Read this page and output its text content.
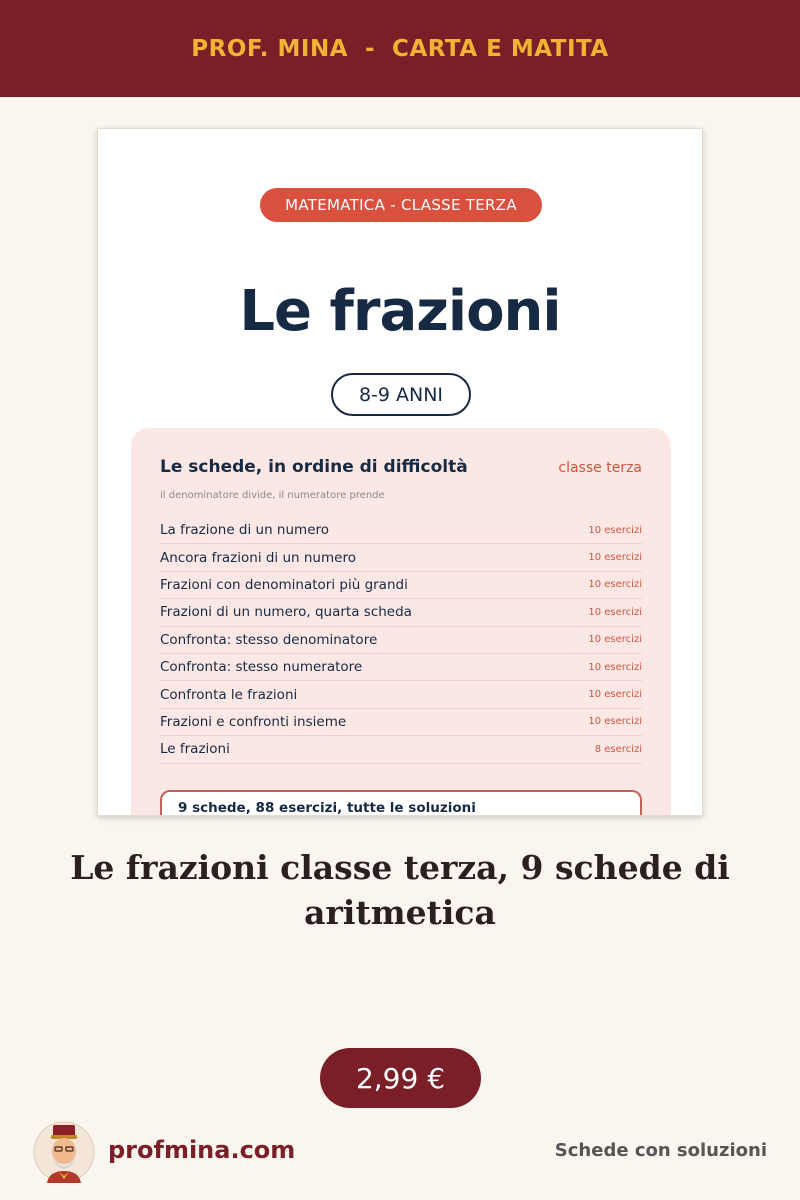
PROF. MINA  -  CARTA E MATITA
MATEMATICA - CLASSE TERZA
Le frazioni
8-9 ANNI
Le schede, in ordine di difficoltà	classe terza
il denominatore divide, il numeratore prende
La frazione di un numero	10 esercizi
Ancora frazioni di un numero	10 esercizi
Frazioni con denominatori più grandi	10 esercizi
Frazioni di un numero, quarta scheda	10 esercizi
Confronta: stesso denominatore	10 esercizi
Confronta: stesso numeratore	10 esercizi
Confronta le frazioni	10 esercizi
Frazioni e confronti insieme	10 esercizi
Le frazioni	8 esercizi
9 schede, 88 esercizi, tutte le soluzioni
Le frazioni classe terza, 9 schede di aritmetica
2,99 €
profmina.com	Schede con soluzioni
